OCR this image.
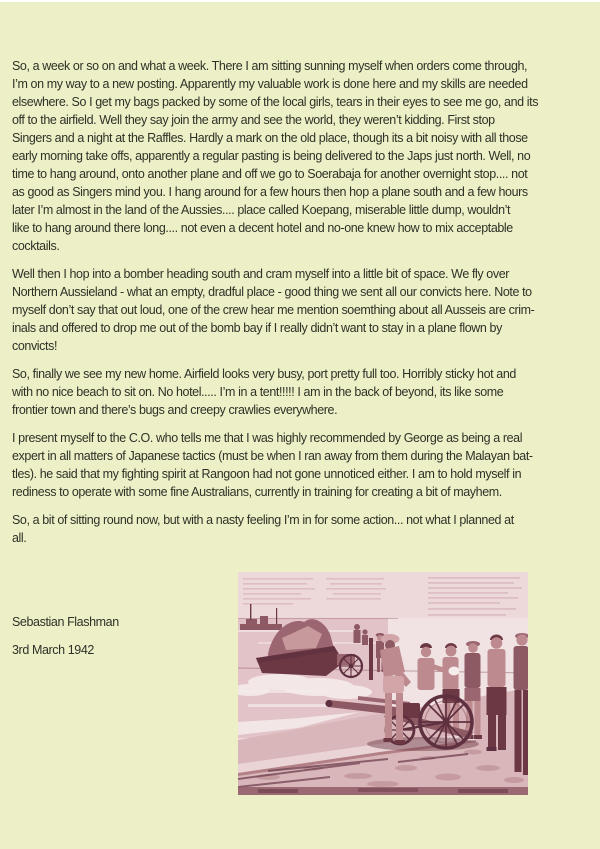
So, a week or so on and what a week. There I am sitting sunning myself when orders come through,
I’m on my way to a new posting. Apparently my valuable work is done here and my skills are needed
elsewhere. So I get my bags packed by some of the local girls, tears in their eyes to see me go, and its
off to the airfield. Well they say join the army and see the world, they weren’t kidding. First stop
Singers and a night at the Raffles. Hardly a mark on the old place, though its a bit noisy with all those
early morning take offs, apparently a regular pasting is being delivered to the Japs just north. Well, no
time to hang around, onto another plane and off we go to Soerabaja for another overnight stop.... not
as good as Singers mind you. I hang around for a few hours then hop a plane south and a few hours
later I’m almost in the land of the Aussies.... place called Koepang, miserable little dump, wouldn’t
like to hang around there long.... not even a decent hotel and no-one knew how to mix acceptable
cocktails.
Well then I hop into a bomber heading south and cram myself into a little bit of space. We fly over
Northern Aussieland - what an empty, dradful place - good thing we sent all our convicts here. Note to
myself don’t say that out loud, one of the crew hear me mention soemthing about all Ausseis are crim-
inals and offered to drop me out of the bomb bay if I really didn’t want to stay in a plane flown by
convicts!
So, finally we see my new home. Airfield looks very busy, port pretty full too. Horribly sticky hot and
with no nice beach to sit on. No hotel..... I’m in a tent!!!!! I am in the back of beyond, its like some
frontier town and there’s bugs and creepy crawlies everywhere.
I present myself to the C.O. who tells me that I was highly recommended by George as being a real
expert in all matters of Japanese tactics (must be when I ran away from them during the Malayan bat-
tles). he said that my fighting spirit at Rangoon had not gone unnoticed either. I am to hold myself in
rediness to operate with some fine Australians, currently in training for creating a bit of mayhem.
So, a bit of sitting round now, but with a nasty feeling I’m in for some action... not what I planned at
all.
Sebastian Flashman
3rd March 1942
